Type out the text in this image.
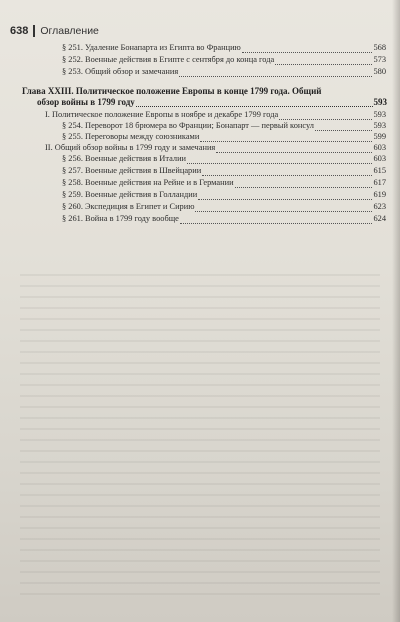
638 Оглавление
§ 251. Удаление Бонапарта из Египта во Францию	568
§ 252. Военные действия в Египте с сентября до конца года	573
§ 253. Общий обзор и замечания	580
Глава XXIII. Политическое положение Европы в конце 1799 года. Общий
обзор войны в 1799 году	593
I. Политическое положение Европы в ноябре и декабре 1799 года	593
§ 254. Переворот 18 брюмера во Франции; Бонапарт — первый консул	593
§ 255. Переговоры между союзниками	599
II. Общий обзор войны в 1799 году и замечания	603
§ 256. Военные действия в Италии	603
§ 257. Военные действия в Швейцарии	615
§ 258. Военные действия на Рейне и в Германии	617
§ 259. Военные действия в Голландии	619
§ 260. Экспедиция в Египет и Сирию	623
§ 261. Война в 1799 году вообще	624
